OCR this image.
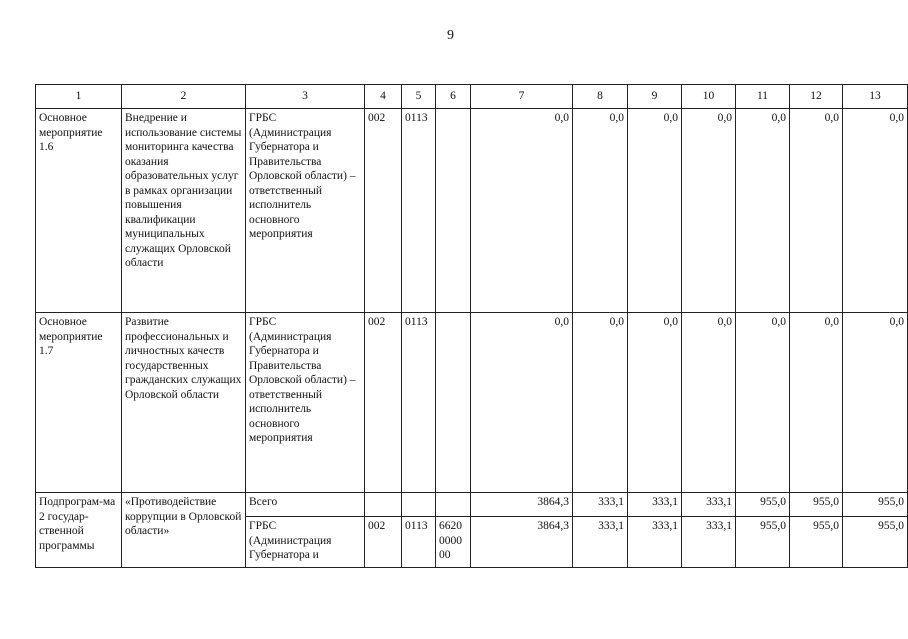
9
1	2	3	4	5	6	7	8	9	10	11	12	13
Основное мероприятие 1.6	Внедрение и использование системы мониторинга качества оказания образовательных услуг в рамках организации повышения квалификации муниципальных служащих Орловской области	ГРБС (Администрация Губернатора и Правительства Орловской области) – ответственный исполнитель основного мероприятия	002	0113		0,0	0,0	0,0	0,0	0,0	0,0	0,0
Основное мероприятие 1.7	Развитие профессиональных и личностных качеств государственных гражданских служащих Орловской области	ГРБС (Администрация Губернатора и Правительства Орловской области) – ответственный исполнитель основного мероприятия	002	0113		0,0	0,0	0,0	0,0	0,0	0,0	0,0
Подпрограм-ма 2 государ-ственной программы	«Противодействие коррупции в Орловской области»	Всего				3864,3	333,1	333,1	333,1	955,0	955,0	955,0
		ГРБС (Администрация Губернатора и	002	0113	6620 0000 00	3864,3	333,1	333,1	333,1	955,0	955,0	955,0
